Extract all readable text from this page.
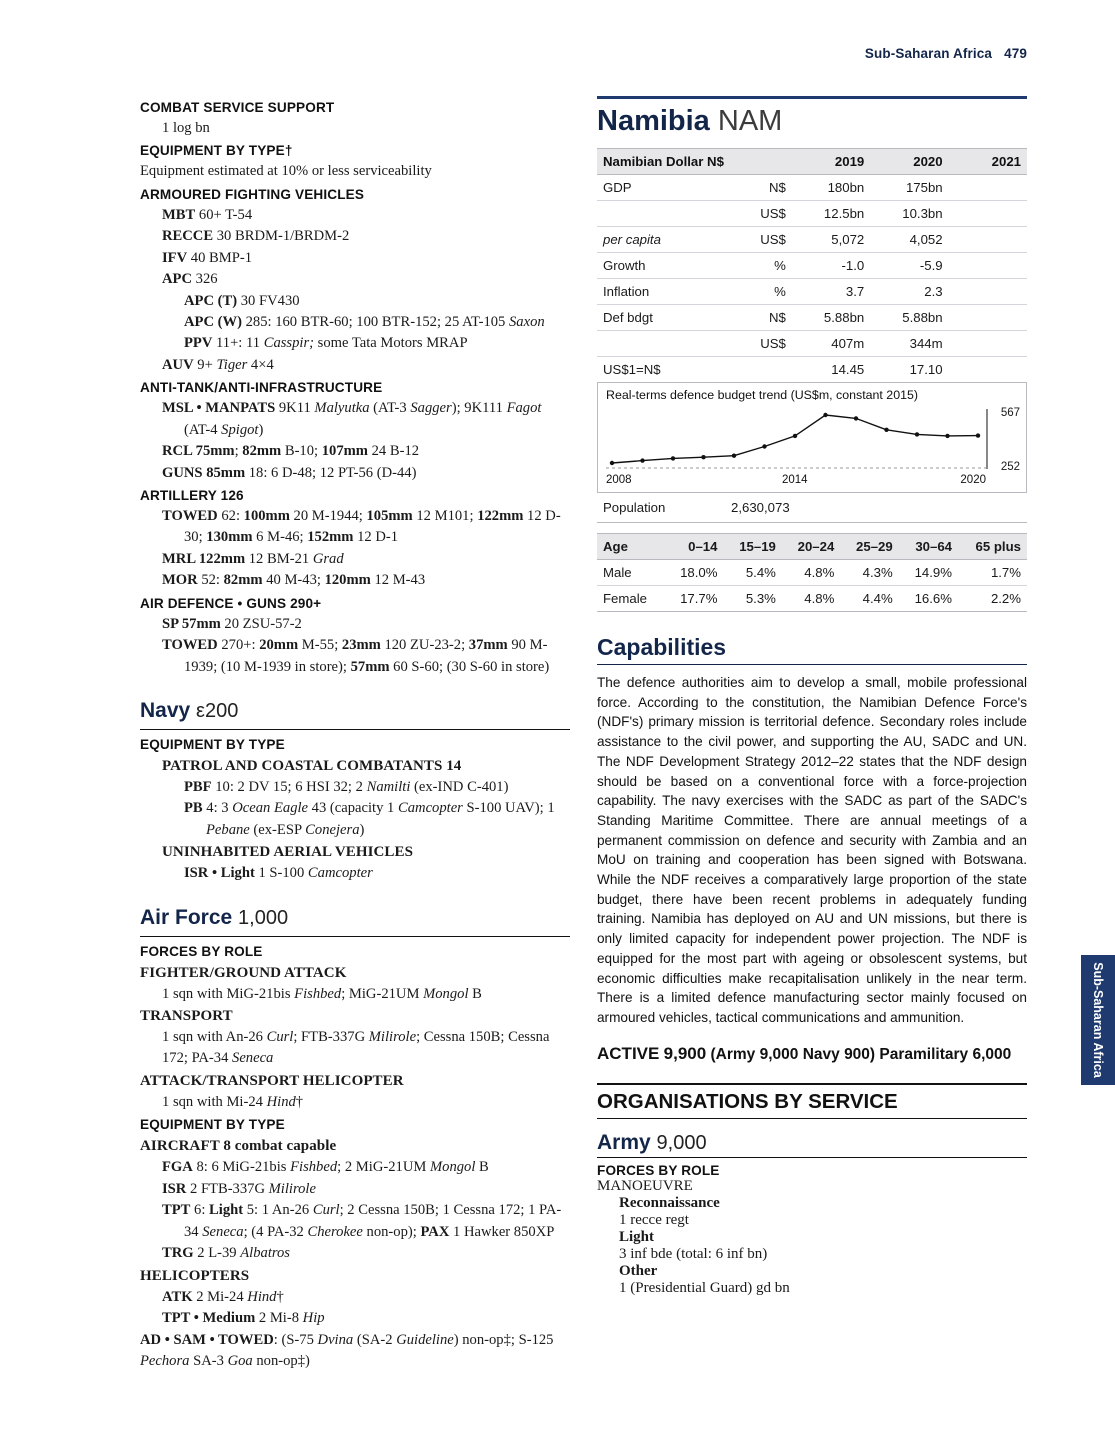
Sub-Saharan Africa 479
COMBAT SERVICE SUPPORT
1 log bn
EQUIPMENT BY TYPE†
Equipment estimated at 10% or less serviceability
ARMOURED FIGHTING VEHICLES
MBT 60+ T-54
RECCE 30 BRDM-1/BRDM-2
IFV 40 BMP-1
APC 326
APC (T) 30 FV430
APC (W) 285: 160 BTR-60; 100 BTR-152; 25 AT-105 Saxon
PPV 11+: 11 Casspir; some Tata Motors MRAP
AUV 9+ Tiger 4×4
ANTI-TANK/ANTI-INFRASTRUCTURE
MSL • MANPATS 9K11 Malyutka (AT-3 Sagger); 9K111 Fagot (AT-4 Spigot)
RCL 75mm; 82mm B-10; 107mm 24 B-12
GUNS 85mm 18: 6 D-48; 12 PT-56 (D-44)
ARTILLERY 126
TOWED 62: 100mm 20 M-1944; 105mm 12 M101; 122mm 12 D-30; 130mm 6 M-46; 152mm 12 D-1
MRL 122mm 12 BM-21 Grad
MOR 52: 82mm 40 M-43; 120mm 12 M-43
AIR DEFENCE • GUNS 290+
SP 57mm 20 ZSU-57-2
TOWED 270+: 20mm M-55; 23mm 120 ZU-23-2; 37mm 90 M-1939; (10 M-1939 in store); 57mm 60 S-60; (30 S-60 in store)
Navy ε200
EQUIPMENT BY TYPE
PATROL AND COASTAL COMBATANTS 14
PBF 10: 2 DV 15; 6 HSI 32; 2 Namilti (ex-IND C-401)
PB 4: 3 Ocean Eagle 43 (capacity 1 Camcopter S-100 UAV); 1 Pebane (ex-ESP Conejera)
UNINHABITED AERIAL VEHICLES
ISR • Light 1 S-100 Camcopter
Air Force 1,000
FORCES BY ROLE
FIGHTER/GROUND ATTACK
1 sqn with MiG-21bis Fishbed; MiG-21UM Mongol B
TRANSPORT
1 sqn with An-26 Curl; FTB-337G Milirole; Cessna 150B; Cessna 172; PA-34 Seneca
ATTACK/TRANSPORT HELICOPTER
1 sqn with Mi-24 Hind†
EQUIPMENT BY TYPE
AIRCRAFT 8 combat capable
FGA 8: 6 MiG-21bis Fishbed; 2 MiG-21UM Mongol B
ISR 2 FTB-337G Milirole
TPT 6: Light 5: 1 An-26 Curl; 2 Cessna 150B; 1 Cessna 172; 1 PA-34 Seneca; (4 PA-32 Cherokee non-op); PAX 1 Hawker 850XP
TRG 2 L-39 Albatros
HELICOPTERS
ATK 2 Mi-24 Hind†
TPT • Medium 2 Mi-8 Hip
AD • SAM • TOWED: (S-75 Dvina (SA-2 Guideline) non-op‡; S-125 Pechora SA-3 Goa non-op‡)
Namibia NAM
Namibian Dollar N$		2019	2020	2021
GDP	N$	180bn	175bn	
	US$	12.5bn	10.3bn	
per capita	US$	5,072	4,052	
Growth	%	-1.0	-5.9	
Inflation	%	3.7	2.3	
Def bdgt	N$	5.88bn	5.88bn	
	US$	407m	344m	
US$1=N$		14.45	17.10	
Real-terms defence budget trend (US$m, constant 2015)
567
252
2008	2014	2020
Population	2,630,073
Age	0–14	15–19	20–24	25–29	30–64	65 plus
Male	18.0%	5.4%	4.8%	4.3%	14.9%	1.7%
Female	17.7%	5.3%	4.8%	4.4%	16.6%	2.2%
Capabilities
The defence authorities aim to develop a small, mobile professional force. According to the constitution, the Namibian Defence Force's (NDF's) primary mission is territorial defence. Secondary roles include assistance to the civil power, and supporting the AU, SADC and UN. The NDF Development Strategy 2012–22 states that the NDF design should be based on a conventional force with a force-projection capability. The navy exercises with the SADC as part of the SADC's Standing Maritime Committee. There are annual meetings of a permanent commission on defence and security with Zambia and an MoU on training and cooperation has been signed with Botswana. While the NDF receives a comparatively large proportion of the state budget, there have been recent problems in adequately funding training. Namibia has deployed on AU and UN missions, but there is only limited capacity for independent power projection. The NDF is equipped for the most part with ageing or obsolescent systems, but economic difficulties make recapitalisation unlikely in the near term. There is a limited defence manufacturing sector mainly focused on armoured vehicles, tactical communications and ammunition.
ACTIVE 9,900 (Army 9,000 Navy 900) Paramilitary 6,000
ORGANISATIONS BY SERVICE
Army 9,000
FORCES BY ROLE
MANOEUVRE
Reconnaissance
1 recce regt
Light
3 inf bde (total: 6 inf bn)
Other
1 (Presidential Guard) gd bn
Sub-Saharan Africa
